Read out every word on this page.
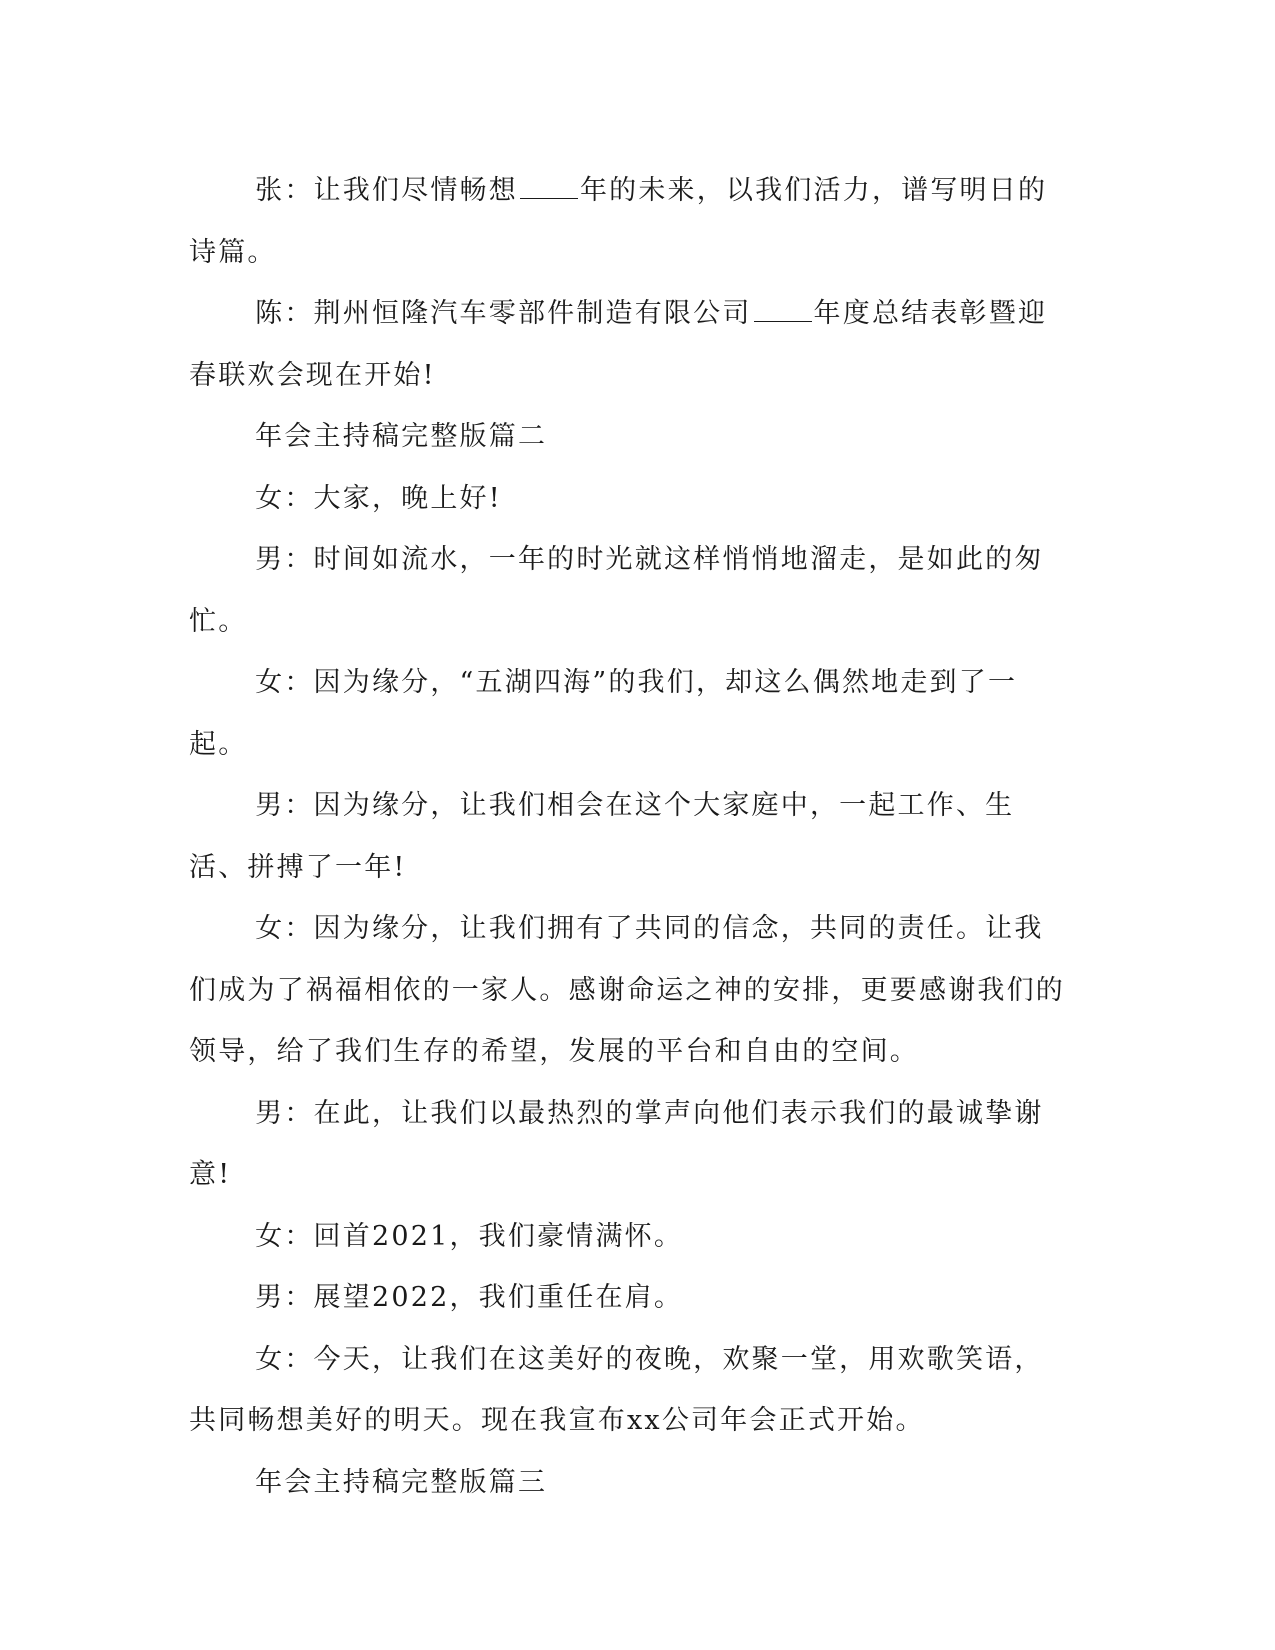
张：让我们尽情畅想 年的未来，以我们活力，谱写明日的诗篇。

陈：荆州恒隆汽车零部件制造有限公司 年度总结表彰暨迎春联欢会现在开始!

年会主持稿完整版篇二

女：大家，晚上好!

男：时间如流水，一年的时光就这样悄悄地溜走，是如此的匆忙。

女：因为缘分，“五湖四海”的我们，却这么偶然地走到了一起。

男：因为缘分，让我们相会在这个大家庭中，一起工作、生活、拼搏了一年!

女：因为缘分，让我们拥有了共同的信念，共同的责任。让我们成为了祸福相依的一家人。感谢命运之神的安排，更要感谢我们的领导，给了我们生存的希望，发展的平台和自由的空间。

男：在此，让我们以最热烈的掌声向他们表示我们的最诚挚谢意!

女：回首2021，我们豪情满怀。

男：展望2022，我们重任在肩。

女：今天，让我们在这美好的夜晚，欢聚一堂，用欢歌笑语，共同畅想美好的明天。现在我宣布xx公司年会正式开始。

年会主持稿完整版篇三
